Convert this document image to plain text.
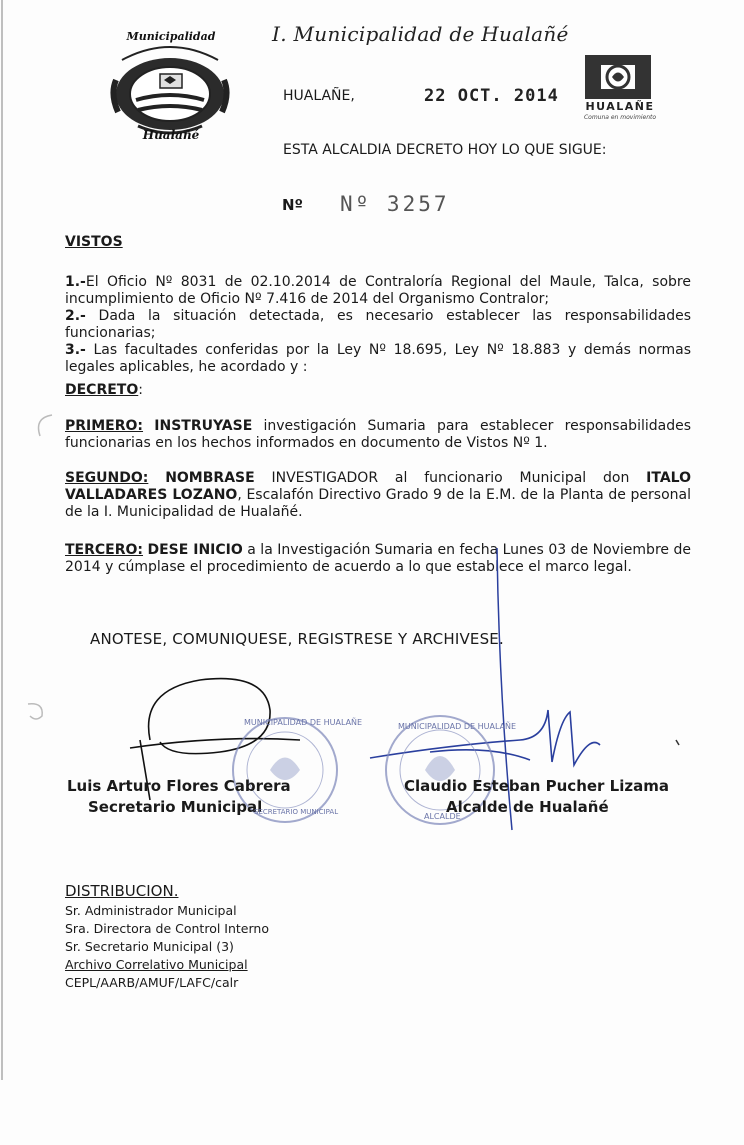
Municipalidad
Hualañé
I. Municipalidad de Hualañé
HUALAÑE,	22 OCT. 2014
HUALAÑE
Comuna en movimiento
ESTA ALCALDIA DECRETO HOY LO QUE SIGUE:
Nº Nº 3257
VISTOS
1.-El Oficio Nº 8031 de 02.10.2014 de Contraloría Regional del Maule, Talca, sobre incumplimiento de Oficio Nº 7.416 de 2014 del Organismo Contralor;
2.- Dada la situación detectada, es necesario establecer las responsabilidades funcionarias;
3.- Las facultades conferidas por la Ley Nº 18.695, Ley Nº 18.883 y demás normas legales aplicables, he acordado y :
DECRETO:
PRIMERO: INSTRUYASE investigación Sumaria para establecer responsabilidades funcionarias en los hechos informados en documento de Vistos Nº 1.
SEGUNDO: NOMBRASE INVESTIGADOR al funcionario Municipal don ITALO VALLADARES LOZANO, Escalafón Directivo Grado 9 de la E.M. de la Planta de personal de la I. Municipalidad de Hualañé.
TERCERO: DESE INICIO a la Investigación Sumaria en fecha Lunes 03 de Noviembre de 2014 y cúmplase el procedimiento de acuerdo a lo que establece el marco legal.
ANOTESE, COMUNIQUESE, REGISTRESE Y ARCHIVESE.
Luis Arturo Flores Cabrera
Secretario Municipal
MUNICIPALIDAD DE HUALAÑE
SECRETARIO MUNICIPAL
Claudio Esteban Pucher Lizama
Alcalde de Hualañé
MUNICIPALIDAD DE HUALAÑE
ALCALDE
DISTRIBUCION.
Sr. Administrador Municipal
Sra. Directora de Control Interno
Sr. Secretario Municipal (3)
Archivo Correlativo Municipal
CEPL/AARB/AMUF/LAFC/calr
